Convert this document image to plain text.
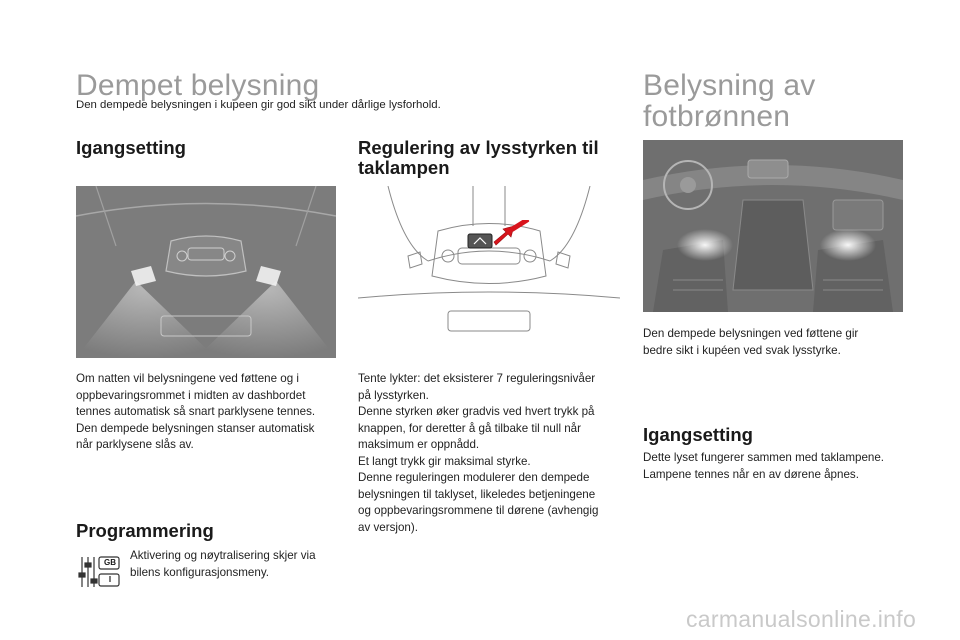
Dempet belysning
Den dempede belysningen i kupeen gir god sikt under dårlige lysforhold.
Igangsetting
Om natten vil belysningene ved føttene og i
oppbevaringsrommet i midten av dashbordet
tennes automatisk så snart parklysene tennes.
Den dempede belysningen stanser automatisk
når parklysene slås av.
Programmering
GB
I
Aktivering og nøytralisering skjer via
bilens konfigurasjonsmeny.
Regulering av lysstyrken til
taklampen
Tente lykter: det eksisterer 7 reguleringsnivåer
på lysstyrken.
Denne styrken øker gradvis ved hvert trykk på
knappen, for deretter å gå tilbake til null når
maksimum er oppnådd.
Et langt trykk gir maksimal styrke.
Denne reguleringen modulerer den dempede
belysningen til taklyset, likeledes betjeningene
og oppbevaringsrommene til dørene (avhengig
av versjon).
Belysning av
fotbrønnen
Den dempede belysningen ved føttene gir
bedre sikt i kupéen ved svak lysstyrke.
Igangsetting
Dette lyset fungerer sammen med taklampene.
Lampene tennes når en av dørene åpnes.
carmanualsonline.info
